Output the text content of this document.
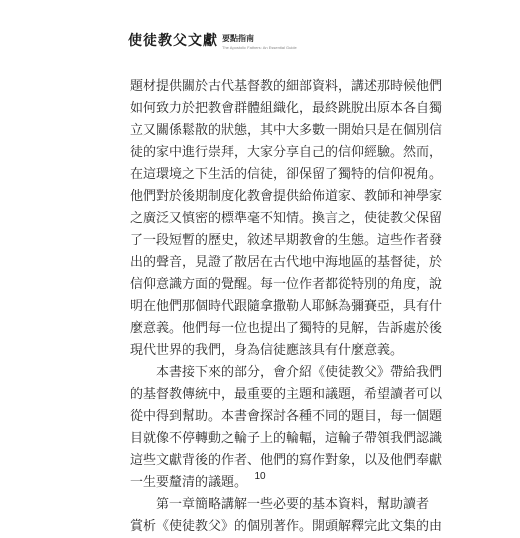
使徒教父文獻 要點指南
The Apostolic Fathers: An Essential Guide

題材提供關於古代基督教的細部資料，講述那時候他們
如何致力於把教會群體組織化，最終跳脫出原本各自獨
立又關係鬆散的狀態，其中大多數一開始只是在個別信
徒的家中進行崇拜，大家分享自己的信仰經驗。然而，
在這環境之下生活的信徒，卻保留了獨特的信仰視角。
他們對於後期制度化教會提供給佈道家、教師和神學家
之廣泛又慎密的標準毫不知情。換言之，使徒教父保留
了一段短暫的歷史，敘述早期教會的生態。這些作者發
出的聲音，見證了散居在古代地中海地區的基督徒，於
信仰意識方面的覺醒。每一位作者都從特別的角度，說
明在他們那個時代跟隨拿撒勒人耶穌為彌賽亞，具有什
麼意義。他們每一位也提出了獨特的見解，告訴處於後
現代世界的我們，身為信徒應該具有什麼意義。

　　本書接下來的部分，會介紹《使徒教父》帶給我們
的基督教傳統中，最重要的主題和議題，希望讀者可以
從中得到幫助。本書會探討各種不同的題目，每一個題
目就像不停轉動之輪子上的輪輻，這輪子帶領我們認識
這些文獻背後的作者、他們的寫作對象，以及他們奉獻
一生要釐清的議題。

　　第一章簡略講解一些必要的基本資料，幫助讀者
賞析《使徒教父》的個別著作。開頭解釋完此文集的由

10
